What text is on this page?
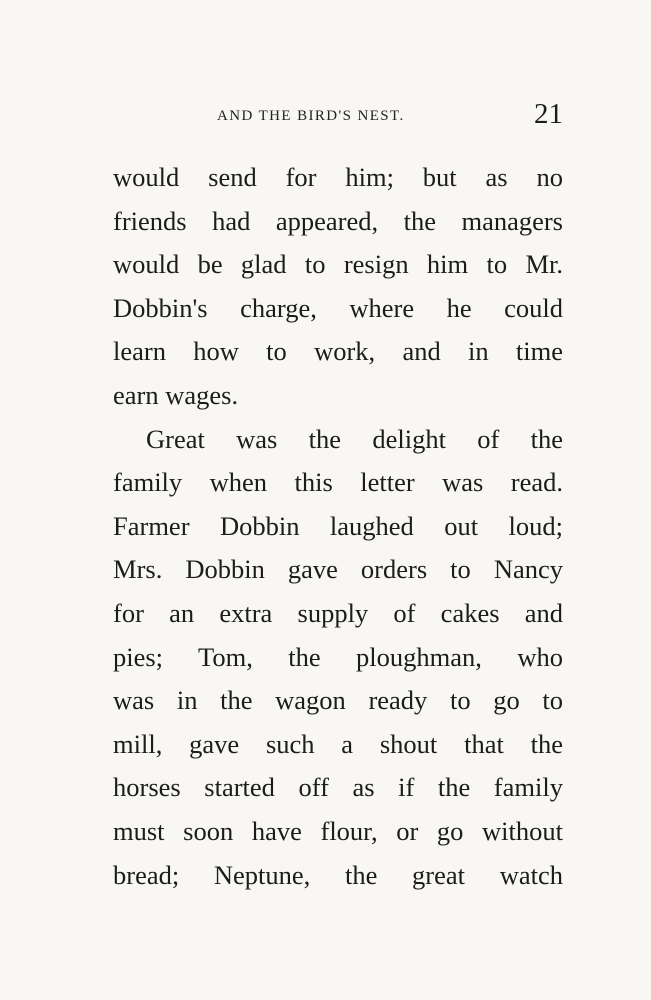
AND THE BIRD'S NEST.	21
would send for him; but as no
friends had appeared, the managers
would be glad to resign him to Mr.
Dobbin's charge, where he could
learn how to work, and in time
earn wages.
Great was the delight of the
family when this letter was read.
Farmer Dobbin laughed out loud;
Mrs. Dobbin gave orders to Nancy
for an extra supply of cakes and
pies; Tom, the ploughman, who
was in the wagon ready to go to
mill, gave such a shout that the
horses started off as if the family
must soon have flour, or go without
bread; Neptune, the great watch
